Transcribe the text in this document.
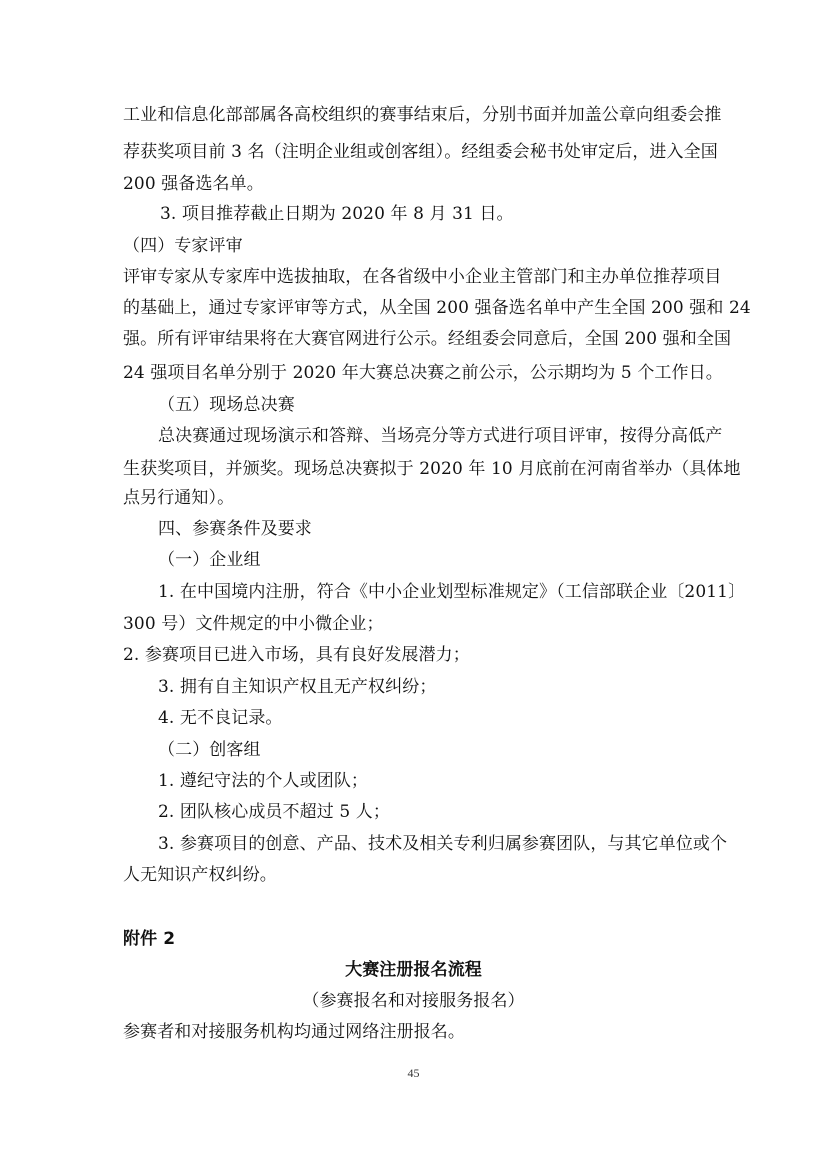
工业和信息化部部属各高校组织的赛事结束后，分别书面并加盖公章向组委会推
荐获奖项目前 3 名（注明企业组或创客组）。经组委会秘书处审定后，进入全国
200 强备选名单。
3. 项目推荐截止日期为 2020 年 8 月 31 日。
（四）专家评审
评审专家从专家库中选拔抽取，在各省级中小企业主管部门和主办单位推荐项目
的基础上，通过专家评审等方式，从全国 200 强备选名单中产生全国 200 强和 24
强。所有评审结果将在大赛官网进行公示。经组委会同意后，全国 200 强和全国
24 强项目名单分别于 2020 年大赛总决赛之前公示，公示期均为 5 个工作日。
（五）现场总决赛
总决赛通过现场演示和答辩、当场亮分等方式进行项目评审，按得分高低产
生获奖项目，并颁奖。现场总决赛拟于 2020 年 10 月底前在河南省举办（具体地
点另行通知）。
四、参赛条件及要求
（一）企业组
1. 在中国境内注册，符合《中小企业划型标准规定》（工信部联企业〔2011〕
300 号）文件规定的中小微企业；
2. 参赛项目已进入市场，具有良好发展潜力；
3. 拥有自主知识产权且无产权纠纷；
4. 无不良记录。
（二）创客组
1. 遵纪守法的个人或团队；
2. 团队核心成员不超过 5 人；
3. 参赛项目的创意、产品、技术及相关专利归属参赛团队，与其它单位或个
人无知识产权纠纷。
附件 2
大赛注册报名流程
（参赛报名和对接服务报名）
参赛者和对接服务机构均通过网络注册报名。
45
